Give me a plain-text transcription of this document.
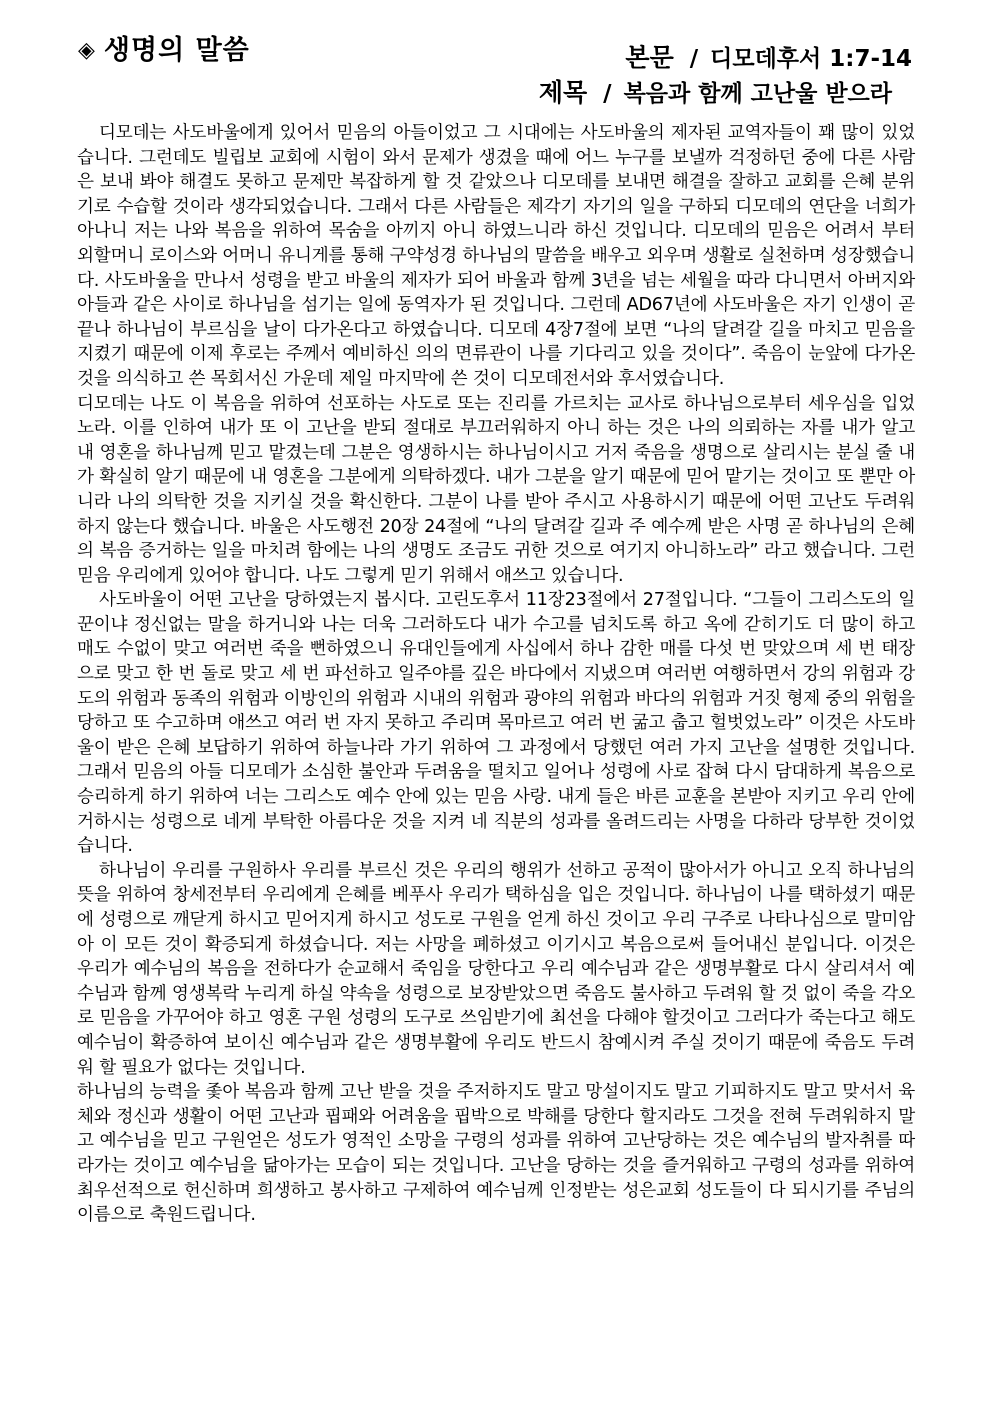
◈ 생명의 말씀	본문 / 디모데후서 1:7-14
제목 / 복음과 함께 고난울 받으라

디모데는 사도바울에게 있어서 믿음의 아들이었고 그 시대에는 사도바울의 제자된 교역자들이 꽤 많이 있었습니다. 그런데도 빌립보 교회에 시험이 와서 문제가 생겼을 때에 어느 누구를 보낼까 걱정하던 중에 다른 사람은 보내 봐야 해결도 못하고 문제만 복잡하게 할 것 같았으나 디모데를 보내면 해결을 잘하고 교회를 은혜 분위기로 수습할 것이라 생각되었습니다. 그래서 다른 사람들은 제각기 자기의 일을 구하되 디모데의 연단을 너희가 아나니 저는 나와 복음을 위하여 목숨을 아끼지 아니 하였느니라 하신 것입니다. 디모데의 믿음은 어려서 부터 외할머니 로이스와 어머니 유니게를 통해 구약성경 하나님의 말씀을 배우고 외우며 생활로 실천하며 성장했습니다. 사도바울을 만나서 성령을 받고 바울의 제자가 되어 바울과 함께 3년을 넘는 세월을 따라 다니면서 아버지와 아들과 같은 사이로 하나님을 섬기는 일에 동역자가 된 것입니다. 그런데 AD67년에 사도바울은 자기 인생이 곧 끝나 하나님이 부르심을 날이 다가온다고 하였습니다. 디모데 4장7절에 보면 “나의 달려갈 길을 마치고 믿음을 지켰기 때문에 이제 후로는 주께서 예비하신 의의 면류관이 나를 기다리고 있을 것이다”. 죽음이 눈앞에 다가온 것을 의식하고 쓴 목회서신 가운데 제일 마지막에 쓴 것이 디모데전서와 후서였습니다.

디모데는 나도 이 복음을 위하여 선포하는 사도로 또는 진리를 가르치는 교사로 하나님으로부터 세우심을 입었노라. 이를 인하여 내가 또 이 고난을 받되 절대로 부끄러워하지 아니 하는 것은 나의 의뢰하는 자를 내가 알고 내 영혼을 하나님께 믿고 맡겼는데 그분은 영생하시는 하나님이시고 거저 죽음을 생명으로 살리시는 분실 줄 내가 확실히 알기 때문에 내 영혼을 그분에게 의탁하겠다. 내가 그분을 알기 때문에 믿어 맡기는 것이고 또 뿐만 아니라 나의 의탁한 것을 지키실 것을 확신한다. 그분이 나를 받아 주시고 사용하시기 때문에 어떤 고난도 두려워하지 않는다 했습니다. 바울은 사도행전 20장 24절에 “나의 달려갈 길과 주 예수께 받은 사명 곧 하나님의 은혜의 복음 증거하는 일을 마치려 함에는 나의 생명도 조금도 귀한 것으로 여기지 아니하노라” 라고 했습니다. 그런 믿음 우리에게 있어야 합니다. 나도 그렇게 믿기 위해서 애쓰고 있습니다.

사도바울이 어떤 고난을 당하였는지 봅시다. 고린도후서 11장23절에서 27절입니다. “그들이 그리스도의 일꾼이냐 정신없는 말을 하거니와 나는 더욱 그러하도다 내가 수고를 넘치도록 하고 옥에 갇히기도 더 많이 하고 매도 수없이 맞고 여러번 죽을 뻔하였으니 유대인들에게 사십에서 하나 감한 매를 다섯 번 맞았으며 세 번 태장으로 맞고 한 번 돌로 맞고 세 번 파선하고 일주야를 깊은 바다에서 지냈으며 여러번 여행하면서 강의 위험과 강도의 위험과 동족의 위험과 이방인의 위험과 시내의 위험과 광야의 위험과 바다의 위험과 거짓 형제 중의 위험을 당하고 또 수고하며 애쓰고 여러 번 자지 못하고 주리며 목마르고 여러 번 굶고 춥고 헐벗었노라” 이것은 사도바울이 받은 은혜 보답하기 위하여 하늘나라 가기 위하여 그 과정에서 당했던 여러 가지 고난을 설명한 것입니다. 그래서 믿음의 아들 디모데가 소심한 불안과 두려움을 떨치고 일어나 성령에 사로 잡혀 다시 담대하게 복음으로 승리하게 하기 위하여 너는 그리스도 예수 안에 있는 믿음 사랑. 내게 들은 바른 교훈을 본받아 지키고 우리 안에 거하시는 성령으로 네게 부탁한 아름다운 것을 지켜 네 직분의 성과를 올려드리는 사명을 다하라 당부한 것이었습니다.

하나님이 우리를 구원하사 우리를 부르신 것은 우리의 행위가 선하고 공적이 많아서가 아니고 오직 하나님의 뜻을 위하여 창세전부터 우리에게 은혜를 베푸사 우리가 택하심을 입은 것입니다. 하나님이 나를 택하셨기 때문에 성령으로 깨닫게 하시고 믿어지게 하시고 성도로 구원을 얻게 하신 것이고 우리 구주로 나타나심으로 말미암아 이 모든 것이 확증되게 하셨습니다. 저는 사망을 폐하셨고 이기시고 복음으로써 들어내신 분입니다. 이것은 우리가 예수님의 복음을 전하다가 순교해서 죽임을 당한다고 우리 예수님과 같은 생명부활로 다시 살리셔서 예수님과 함께 영생복락 누리게 하실 약속을 성령으로 보장받았으면 죽음도 불사하고 두려워 할 것 없이 죽을 각오로 믿음을 가꾸어야 하고 영혼 구원 성령의 도구로 쓰임받기에 최선을 다해야 할것이고 그러다가 죽는다고 해도 예수님이 확증하여 보이신 예수님과 같은 생명부활에 우리도 반드시 참예시켜 주실 것이기 때문에 죽음도 두려워 할 필요가 없다는 것입니다.

하나님의 능력을 좇아 복음과 함께 고난 받을 것을 주저하지도 말고 망설이지도 말고 기피하지도 말고 맞서서 육체와 정신과 생활이 어떤 고난과 핍패와 어려움을 핍박으로 박해를 당한다 할지라도 그것을 전혀 두려워하지 말고 예수님을 믿고 구원얻은 성도가 영적인 소망을 구령의 성과를 위하여 고난당하는 것은 예수님의 발자취를 따라가는 것이고 예수님을 닮아가는 모습이 되는 것입니다. 고난을 당하는 것을 즐거워하고 구령의 성과를 위하여 최우선적으로 헌신하며 희생하고 봉사하고 구제하여 예수님께 인정받는 성은교회 성도들이 다 되시기를 주님의 이름으로 축원드립니다.
